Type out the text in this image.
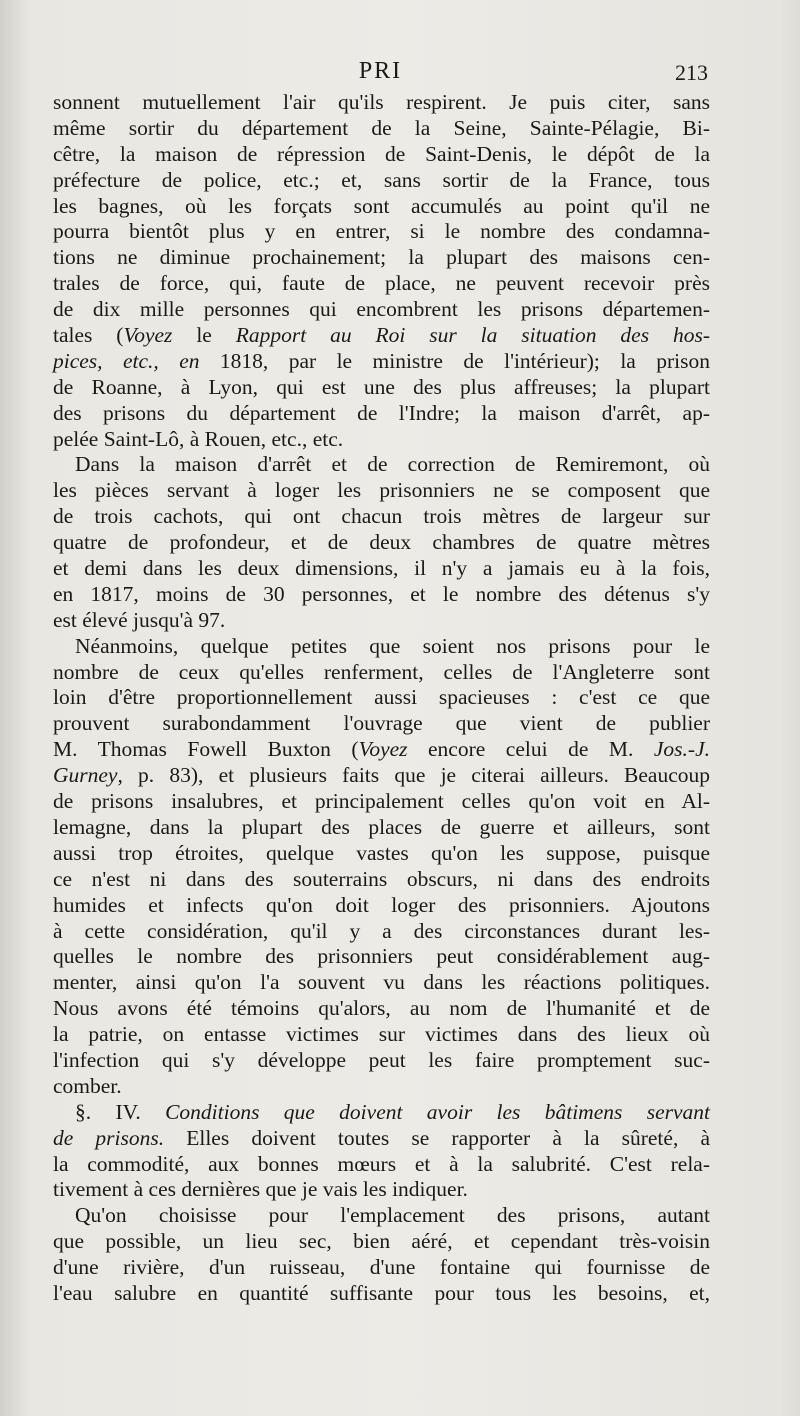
PRI	213
sonnent mutuellement l'air qu'ils respirent. Je puis citer, sans
même sortir du département de la Seine, Sainte-Pélagie, Bi-
cêtre, la maison de répression de Saint-Denis, le dépôt de la
préfecture de police, etc.; et, sans sortir de la France, tous
les bagnes, où les forçats sont accumulés au point qu'il ne
pourra bientôt plus y en entrer, si le nombre des condamna-
tions ne diminue prochainement; la plupart des maisons cen-
trales de force, qui, faute de place, ne peuvent recevoir près
de dix mille personnes qui encombrent les prisons départemen-
tales (Voyez le Rapport au Roi sur la situation des hos-
pices, etc., en 1818, par le ministre de l'intérieur); la prison
de Roanne, à Lyon, qui est une des plus affreuses; la plupart
des prisons du département de l'Indre; la maison d'arrêt, ap-
pelée Saint-Lô, à Rouen, etc., etc.
Dans la maison d'arrêt et de correction de Remiremont, où
les pièces servant à loger les prisonniers ne se composent que
de trois cachots, qui ont chacun trois mètres de largeur sur
quatre de profondeur, et de deux chambres de quatre mètres
et demi dans les deux dimensions, il n'y a jamais eu à la fois,
en 1817, moins de 30 personnes, et le nombre des détenus s'y
est élevé jusqu'à 97.
Néanmoins, quelque petites que soient nos prisons pour le
nombre de ceux qu'elles renferment, celles de l'Angleterre sont
loin d'être proportionnellement aussi spacieuses : c'est ce que
prouvent surabondamment l'ouvrage que vient de publier
M. Thomas Fowell Buxton (Voyez encore celui de M. Jos.-J.
Gurney, p. 83), et plusieurs faits que je citerai ailleurs. Beaucoup
de prisons insalubres, et principalement celles qu'on voit en Al-
lemagne, dans la plupart des places de guerre et ailleurs, sont
aussi trop étroites, quelque vastes qu'on les suppose, puisque
ce n'est ni dans des souterrains obscurs, ni dans des endroits
humides et infects qu'on doit loger des prisonniers. Ajoutons
à cette considération, qu'il y a des circonstances durant les-
quelles le nombre des prisonniers peut considérablement aug-
menter, ainsi qu'on l'a souvent vu dans les réactions politiques.
Nous avons été témoins qu'alors, au nom de l'humanité et de
la patrie, on entasse victimes sur victimes dans des lieux où
l'infection qui s'y développe peut les faire promptement suc-
comber.
§. IV. Conditions que doivent avoir les bâtimens servant
de prisons. Elles doivent toutes se rapporter à la sûreté, à
la commodité, aux bonnes mœurs et à la salubrité. C'est rela-
tivement à ces dernières que je vais les indiquer.
Qu'on choisisse pour l'emplacement des prisons, autant
que possible, un lieu sec, bien aéré, et cependant très-voisin
d'une rivière, d'un ruisseau, d'une fontaine qui fournisse de
l'eau salubre en quantité suffisante pour tous les besoins, et,
